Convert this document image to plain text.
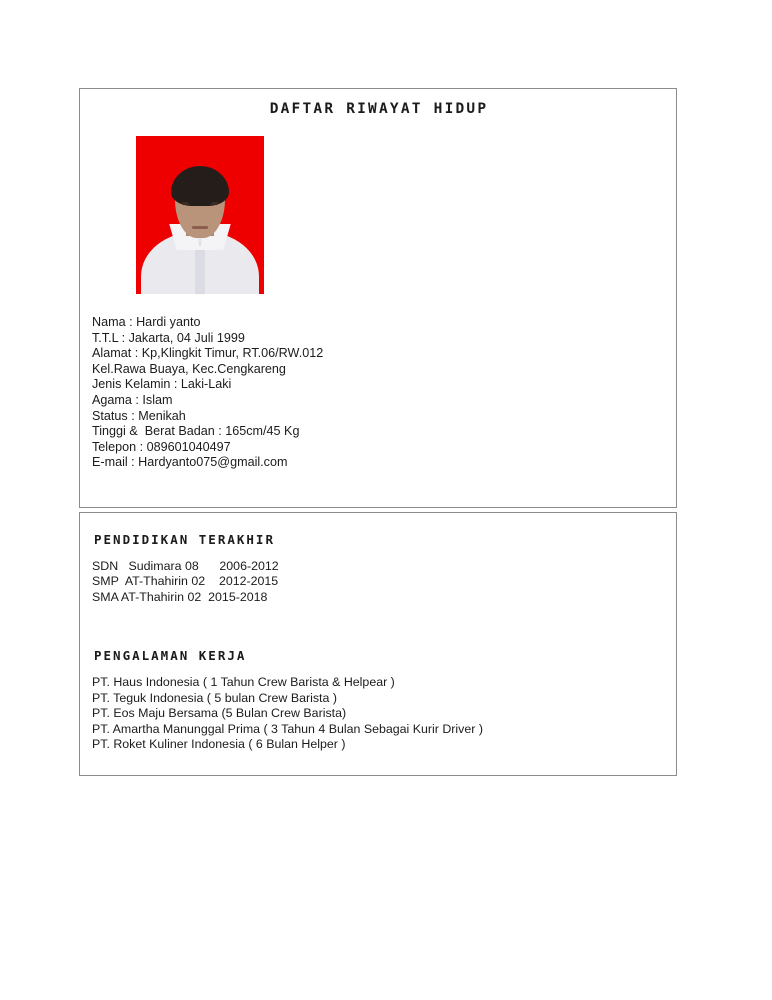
DAFTAR RIWAYAT HIDUP
Nama : Hardi yanto
T.T.L : Jakarta, 04 Juli 1999
Alamat : Kp,Klingkit Timur, RT.06/RW.012
Kel.Rawa Buaya, Kec.Cengkareng
Jenis Kelamin : Laki-Laki
Agama : Islam
Status : Menikah
Tinggi &  Berat Badan : 165cm/45 Kg
Telepon : 089601040497
E-mail : Hardyanto075@gmail.com
PENDIDIKAN TERAKHIR
SDN   Sudimara 08      2006-2012
SMP  AT-Thahirin 02    2012-2015
SMA AT-Thahirin 02  2015-2018
PENGALAMAN KERJA
PT. Haus Indonesia ( 1 Tahun Crew Barista & Helpear )
PT. Teguk Indonesia ( 5 bulan Crew Barista )
PT. Eos Maju Bersama (5 Bulan Crew Barista)
PT. Amartha Manunggal Prima ( 3 Tahun 4 Bulan Sebagai Kurir Driver )
PT. Roket Kuliner Indonesia ( 6 Bulan Helper )
